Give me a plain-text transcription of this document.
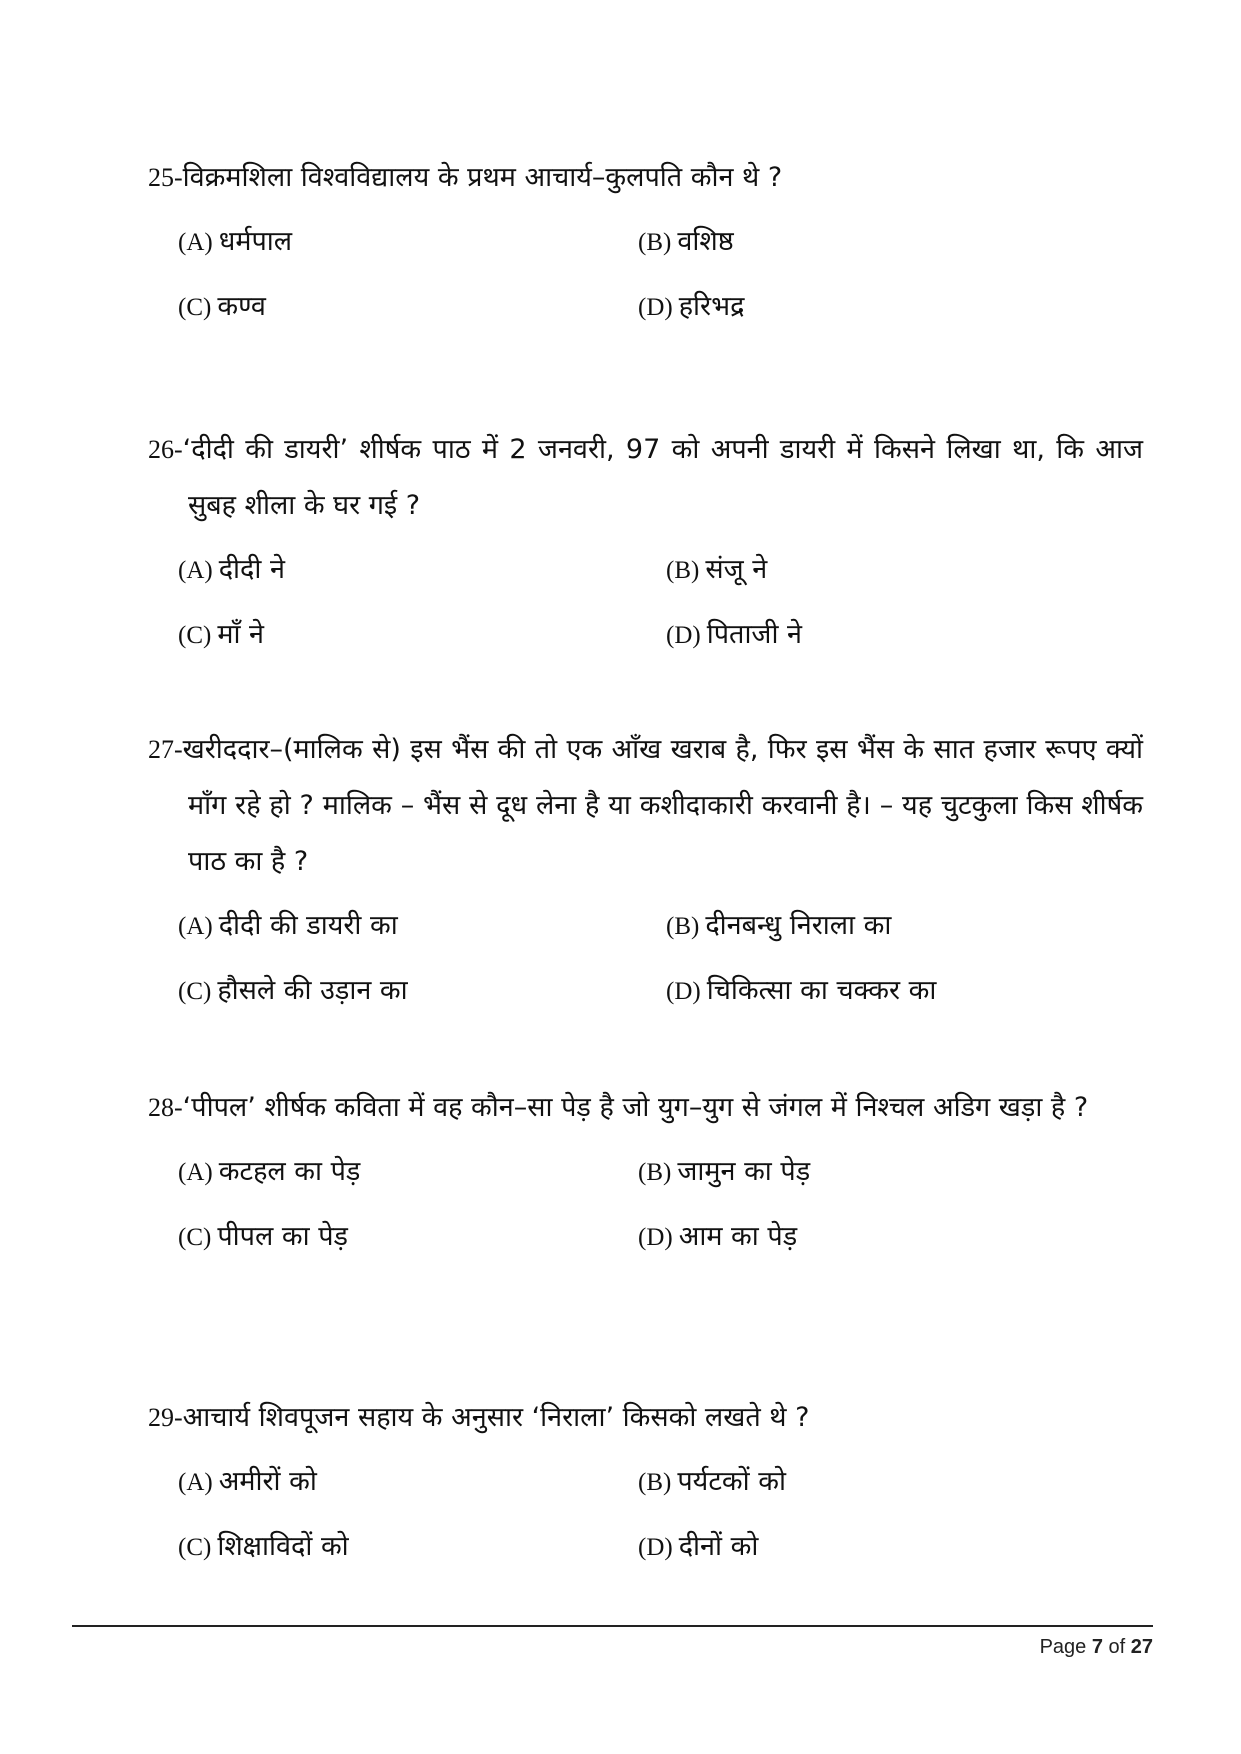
25-विक्रमशिला विश्वविद्यालय के प्रथम आचार्य–कुलपति कौन थे ?

(A) धर्मपाल	(B) वशिष्ठ
(C) कण्व	(D) हरिभद्र

26-‘दीदी की डायरी’ शीर्षक पाठ में 2 जनवरी, 97 को अपनी डायरी में किसने लिखा था, कि आज सुबह शीला के घर गई ?

(A) दीदी ने	(B) संजू ने
(C) माँ ने	(D) पिताजी ने

27-खरीददार–(मालिक से) इस भैंस की तो एक आँख खराब है, फिर इस भैंस के सात हजार रूपए क्यों माँग रहे हो ? मालिक – भैंस से दूध लेना है या कशीदाकारी करवानी है। – यह चुटकुला किस शीर्षक पाठ का है ?

(A) दीदी की डायरी का	(B) दीनबन्धु निराला का
(C) हौसले की उड़ान का	(D) चिकित्सा का चक्कर का

28-‘पीपल’ शीर्षक कविता में वह कौन–सा पेड़ है जो युग–युग से जंगल में निश्चल अडिग खड़ा है ?

(A) कटहल का पेड़	(B) जामुन का पेड़
(C) पीपल का पेड़	(D) आम का पेड़

29-आचार्य शिवपूजन सहाय के अनुसार ‘निराला’ किसको लखते थे ?

(A) अमीरों को	(B) पर्यटकों को
(C) शिक्षाविदों को	(D) दीनों को
Page 7 of 27
